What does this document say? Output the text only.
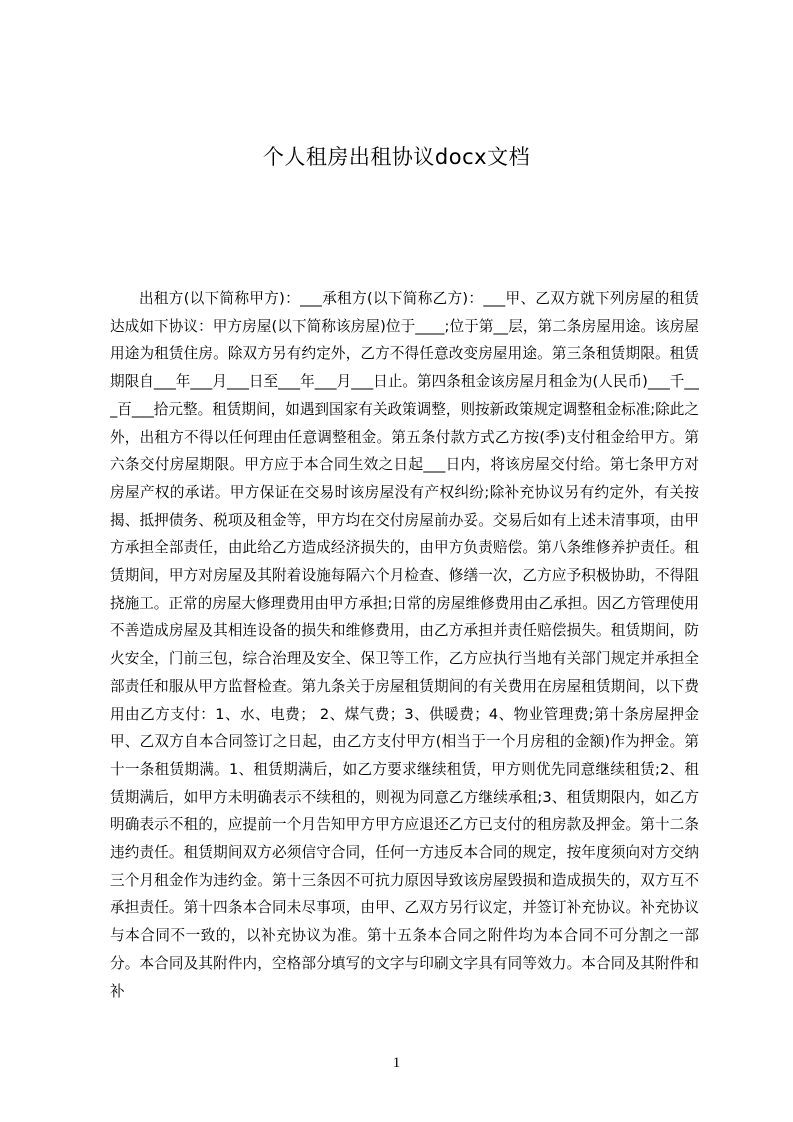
个人租房出租协议docx文档

出租方(以下简称甲方)：___承租方(以下简称乙方)：___甲、乙双方就下列房屋的租赁达成如下协议：甲方房屋(以下简称该房屋)位于____;位于第__层，第二条房屋用途。该房屋用途为租赁住房。除双方另有约定外，乙方不得任意改变房屋用途。第三条租赁期限。租赁期限自___年___月___日至___年___月___日止。第四条租金该房屋月租金为(人民币)___千___百___拾元整。租赁期间，如遇到国家有关政策调整，则按新政策规定调整租金标准;除此之外，出租方不得以任何理由任意调整租金。第五条付款方式乙方按(季)支付租金给甲方。第六条交付房屋期限。甲方应于本合同生效之日起___日内，将该房屋交付给。第七条甲方对房屋产权的承诺。甲方保证在交易时该房屋没有产权纠纷;除补充协议另有约定外，有关按揭、抵押债务、税项及租金等，甲方均在交付房屋前办妥。交易后如有上述未清事项，由甲方承担全部责任，由此给乙方造成经济损失的，由甲方负责赔偿。第八条维修养护责任。租赁期间，甲方对房屋及其附着设施每隔六个月检查、修缮一次，乙方应予积极协助，不得阻挠施工。正常的房屋大修理费用由甲方承担;日常的房屋维修费用由乙承担。因乙方管理使用不善造成房屋及其相连设备的损失和维修费用，由乙方承担并责任赔偿损失。租赁期间，防火安全，门前三包，综合治理及安全、保卫等工作，乙方应执行当地有关部门规定并承担全部责任和服从甲方监督检查。第九条关于房屋租赁期间的有关费用在房屋租赁期间，以下费用由乙方支付：1、水、电费； 2、煤气费；3、供暖费；4、物业管理费;第十条房屋押金甲、乙双方自本合同签订之日起，由乙方支付甲方(相当于一个月房租的金额)作为押金。第十一条租赁期满。1、租赁期满后，如乙方要求继续租赁，甲方则优先同意继续租赁;2、租赁期满后，如甲方未明确表示不续租的，则视为同意乙方继续承租;3、租赁期限内，如乙方明确表示不租的，应提前一个月告知甲方甲方应退还乙方已支付的租房款及押金。第十二条违约责任。租赁期间双方必须信守合同，任何一方违反本合同的规定，按年度须向对方交纳三个月租金作为违约金。第十三条因不可抗力原因导致该房屋毁损和造成损失的，双方互不承担责任。第十四条本合同未尽事项，由甲、乙双方另行议定，并签订补充协议。补充协议与本合同不一致的，以补充协议为准。第十五条本合同之附件均为本合同不可分割之一部分。本合同及其附件内，空格部分填写的文字与印刷文字具有同等效力。本合同及其附件和补

1
